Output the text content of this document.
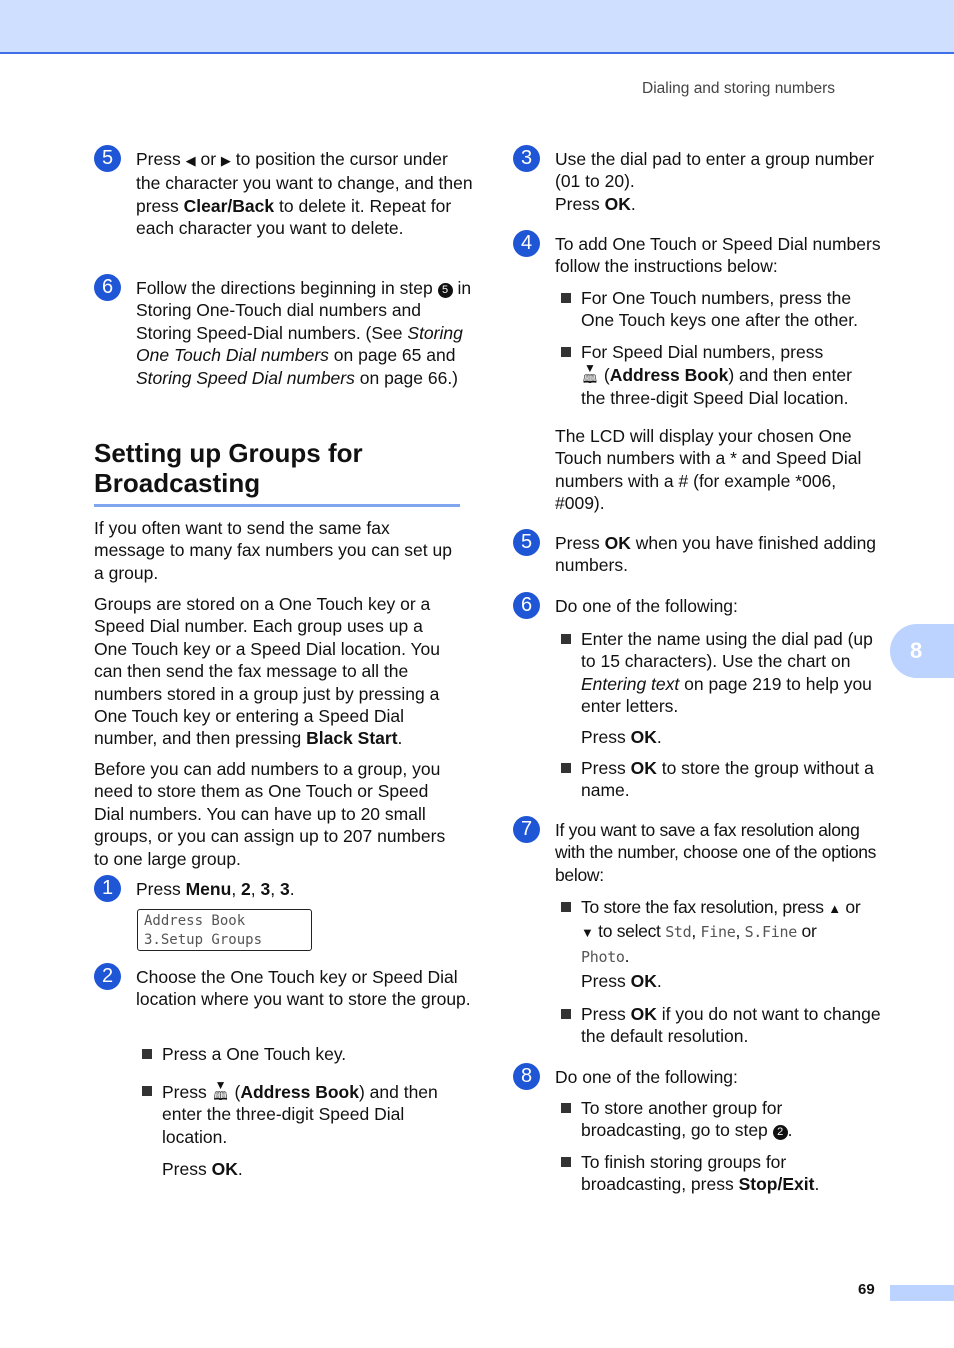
Dialing and storing numbers
5	Press ◀ or ▶ to position the cursor under the character you want to change, and then press Clear/Back to delete it. Repeat for each character you want to delete.

6	Follow the directions beginning in step 5 in Storing One-Touch dial numbers and Storing Speed-Dial numbers. (See Storing One Touch Dial numbers on page 65 and Storing Speed Dial numbers on page 66.)

Setting up Groups for Broadcasting

If you often want to send the same fax message to many fax numbers you can set up a group.

Groups are stored on a One Touch key or a Speed Dial number. Each group uses up a One Touch key or a Speed Dial location. You can then send the fax message to all the numbers stored in a group just by pressing a One Touch key or entering a Speed Dial number, and then pressing Black Start.

Before you can add numbers to a group, you need to store them as One Touch or Speed Dial numbers. You can have up to 20 small groups, or you can assign up to 207 numbers to one large group.

1	Press Menu, 2, 3, 3.

Address Book
3.Setup Groups
2	Choose the One Touch key or Speed Dial location where you want to store the group.

Press a One Touch key.

Press ▼
🕮 (Address Book) and then enter the three-digit Speed Dial location.

Press OK.

3	Use the dial pad to enter a group number (01 to 20).
Press OK.

4	To add One Touch or Speed Dial numbers follow the instructions below:

For One Touch numbers, press the One Touch keys one after the other.

For Speed Dial numbers, press
▼
🕮 (Address Book) and then enter the three-digit Speed Dial location.

The LCD will display your chosen One Touch numbers with a * and Speed Dial numbers with a # (for example *006, #009).

5	Press OK when you have finished adding numbers.

6	Do one of the following:

Enter the name using the dial pad (up to 15 characters). Use the chart on Entering text on page 219 to help you enter letters.

Press OK.

Press OK to store the group without a name.

7	If you want to save a fax resolution along with the number, choose one of the options below:

To store the fax resolution, press ▲ or
▼ to select Std, Fine, S.Fine or
Photo.

Press OK.

Press OK if you do not want to change the default resolution.

8	Do one of the following:

To store another group for broadcasting, go to step 2 .

To finish storing groups for broadcasting, press Stop/Exit.

8
69
